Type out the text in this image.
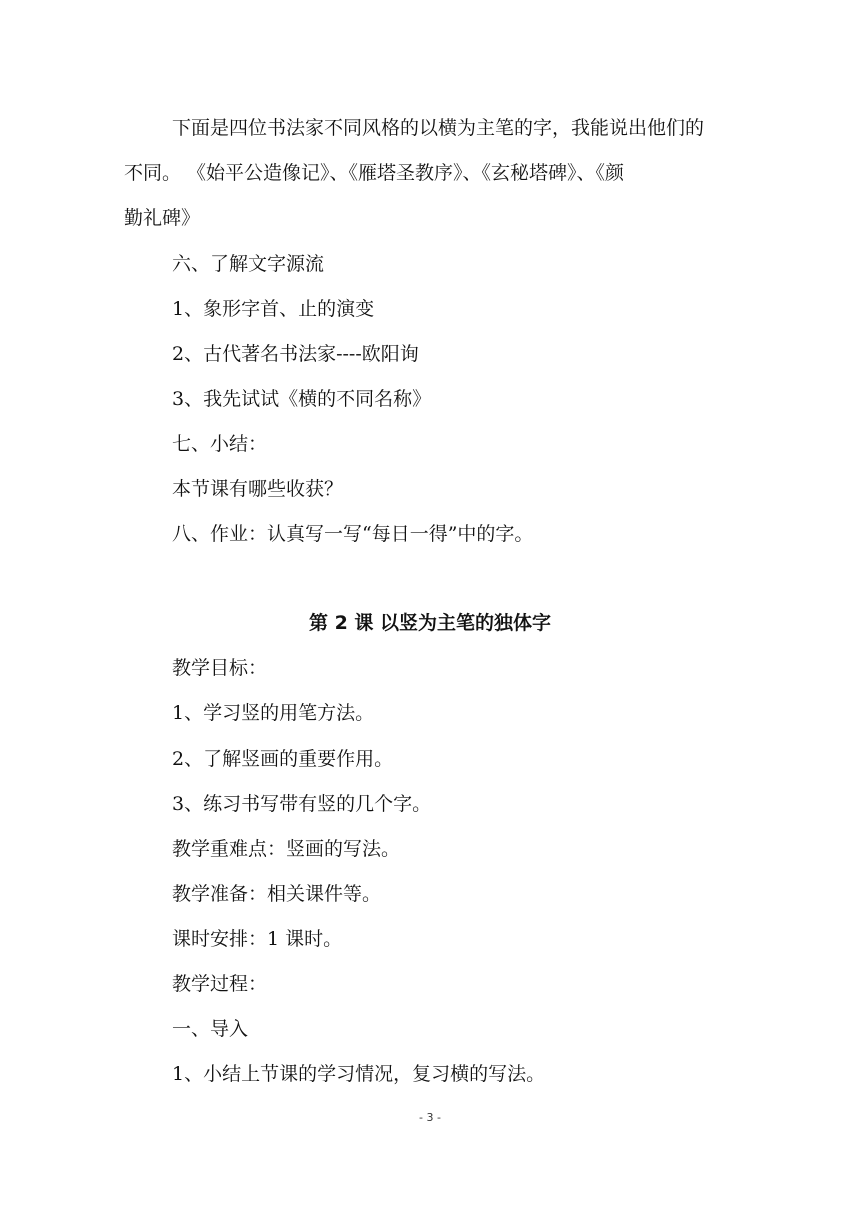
下面是四位书法家不同风格的以横为主笔的字，我能说出他们的
不同。 《始平公造像记》、《雁塔圣教序》、《玄秘塔碑》、《颜
勤礼碑》
六、了解文字源流
1、象形字首、止的演变
2、古代著名书法家----欧阳询
3、我先试试《横的不同名称》
七、小结：
本节课有哪些收获？
八、作业：认真写一写“每日一得”中的字。
第 2 课 以竖为主笔的独体字
教学目标：
1、学习竖的用笔方法。
2、了解竖画的重要作用。
3、练习书写带有竖的几个字。
教学重难点：竖画的写法。
教学准备：相关课件等。
课时安排：1 课时。
教学过程：
一、导入
1、小结上节课的学习情况，复习横的写法。
- 3 -
